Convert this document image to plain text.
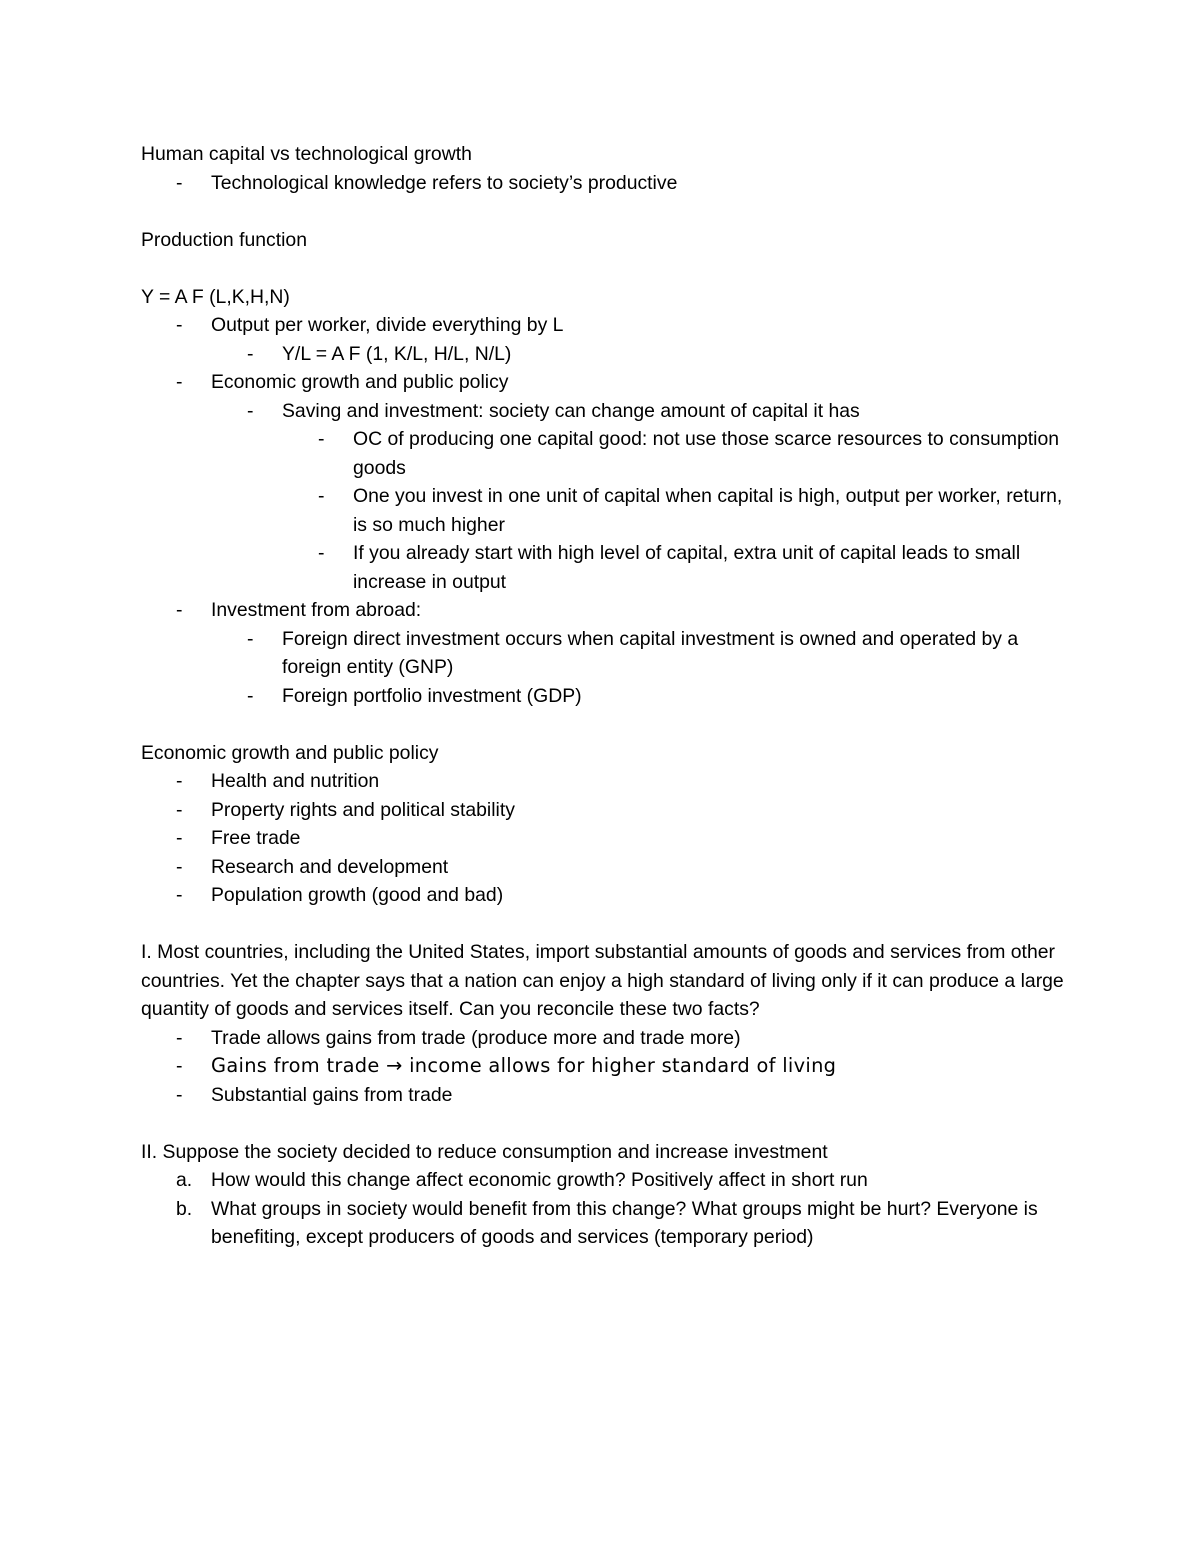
Human capital vs technological growth
-	Technological knowledge refers to society’s productive
Production function
Y = A F (L,K,H,N)
-	Output per worker, divide everything by L
-	Y/L = A F (1, K/L, H/L, N/L)
-	Economic growth and public policy
-	Saving and investment: society can change amount of capital it has
-	OC of producing one capital good: not use those scarce resources to consumption goods
-	One you invest in one unit of capital when capital is high, output per worker, return, is so much higher
-	If you already start with high level of capital, extra unit of capital leads to small increase in output
-	Investment from abroad:
-	Foreign direct investment occurs when capital investment is owned and operated by a foreign entity (GNP)
-	Foreign portfolio investment (GDP)
Economic growth and public policy
-	Health and nutrition
-	Property rights and political stability
-	Free trade
-	Research and development
-	Population growth (good and bad)
I. Most countries, including the United States, import substantial amounts of goods and services from other countries. Yet the chapter says that a nation can enjoy a high standard of living only if it can produce a large quantity of goods and services itself. Can you reconcile these two facts?
-	Trade allows gains from trade (produce more and trade more)
-	Gains from trade → income allows for higher standard of living
-	Substantial gains from trade
II. Suppose the society decided to reduce consumption and increase investment
a. How would this change affect economic growth? Positively affect in short run
b. What groups in society would benefit from this change? What groups might be hurt? Everyone is benefiting, except producers of goods and services (temporary period)
